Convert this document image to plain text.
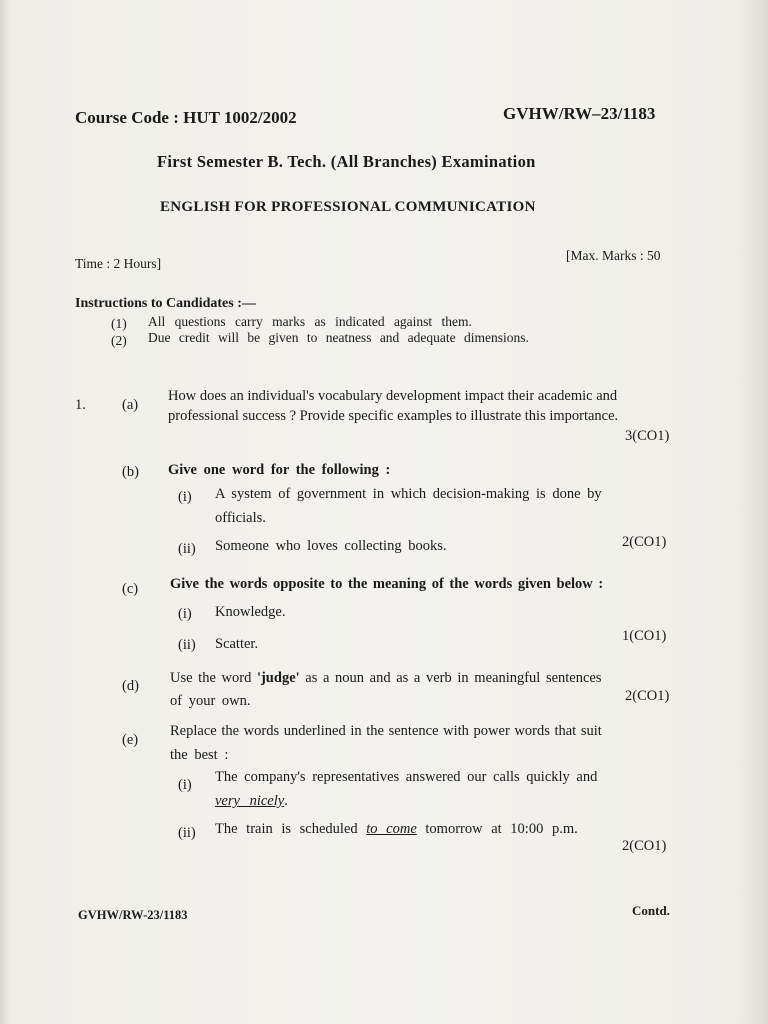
Course Code : HUT 1002/2002	GVHW/RW–23/1183
First Semester B. Tech. (All Branches) Examination
ENGLISH FOR PROFESSIONAL COMMUNICATION
Time : 2 Hours]
[Max. Marks : 50
Instructions to Candidates :—
(1) All questions carry marks as indicated against them.
(2) Due credit will be given to neatness and adequate dimensions.
1. (a)
How does an individual's vocabulary development impact their academic and
professional success ? Provide specific examples to illustrate this importance.
3(CO1)
(b) Give one word for the following :
(i) A system of government in which decision-making is done by
officials.
(ii) Someone who loves collecting books.	2(CO1)
(c) Give the words opposite to the meaning of the words given below :
(i) Knowledge.
(ii) Scatter.	1(CO1)
(d) Use the word 'judge' as a noun and as a verb in meaningful sentences
of your own.	2(CO1)
(e)
Replace the words underlined in the sentence with power words that suit
the best :
(i) The company's representatives answered our calls quickly and
very nicely.
(ii) The train is scheduled to come tomorrow at 10:00 p.m.
2(CO1)
GVHW/RW-23/1183	Contd.
